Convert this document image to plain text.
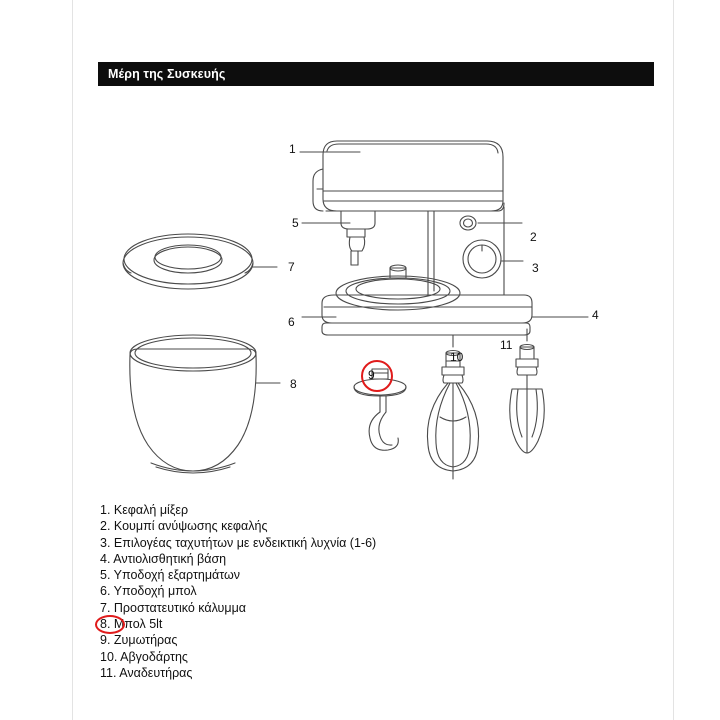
Μέρη της Συσκευής
1
2
3
4
5
6
7
8
9
10
11
1. Κεφαλή μίξερ
2. Κουμπί ανύψωσης κεφαλής
3. Επιλογέας ταχυτήτων με ενδεικτική λυχνία (1-6)
4. Αντιολισθητική βάση
5. Υποδοχή εξαρτημάτων
6. Υποδοχή μπολ
7. Προστατευτικό κάλυμμα
8. Μπολ 5lt
9. Ζυμωτήρας
10. Αβγοδάρτης
11. Αναδευτήρας
